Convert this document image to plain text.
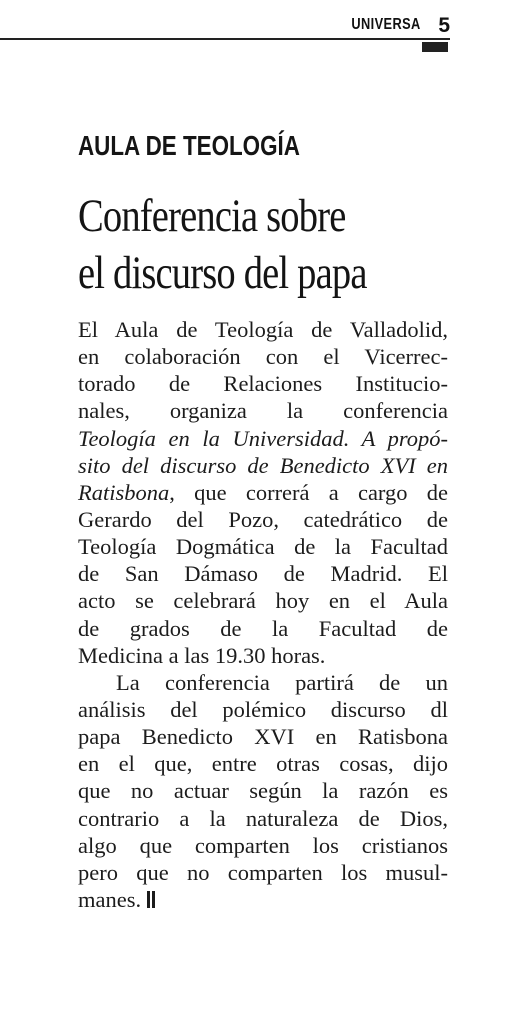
UNIVERSA 5
AULA DE TEOLOGÍA
Conferencia sobre
el discurso del papa
El Aula de Teología de Valladolid,
en colaboración con el Vicerrec-
torado de Relaciones Institucio-
nales, organiza la conferencia
Teología en la Universidad. A propó-
sito del discurso de Benedicto XVI en
Ratisbona, que correrá a cargo de
Gerardo del Pozo, catedrático de
Teología Dogmática de la Facultad
de San Dámaso de Madrid. El
acto se celebrará hoy en el Aula
de grados de la Facultad de
Medicina a las 19.30 horas.
La conferencia partirá de un
análisis del polémico discurso dl
papa Benedicto XVI en Ratisbona
en el que, entre otras cosas, dijo
que no actuar según la razón es
contrario a la naturaleza de Dios,
algo que comparten los cristianos
pero que no comparten los musul-
manes.
